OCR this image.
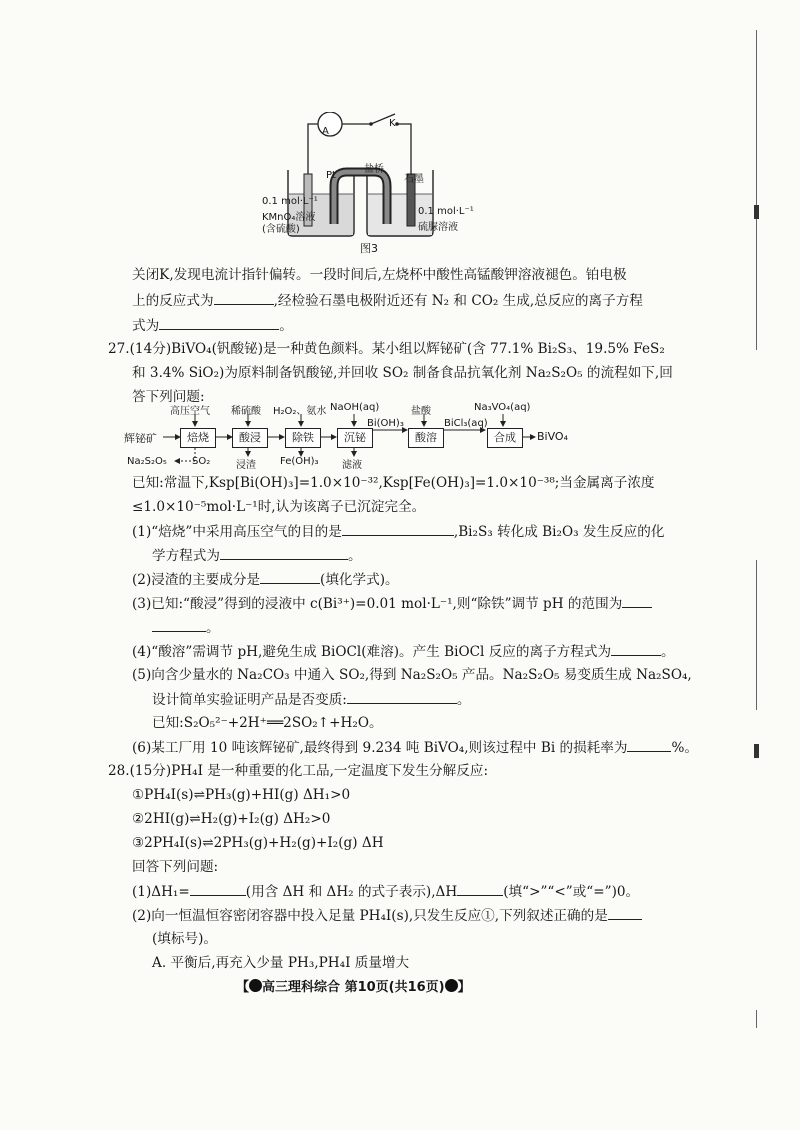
A
K
盐桥
Pt	石墨
0.1 mol·L⁻¹
KMnO₄溶液
(含硫酸)
0.1 mol·L⁻¹
硫脲溶液
图3
关闭K,发现电流计指针偏转。一段时间后,左烧杯中酸性高锰酸钾溶液褪色。铂电极
上的反应式为	,经检验石墨电极附近还有 N₂ 和 CO₂ 生成,总反应的离子方程
式为	。
27.(14分)BiVO₄(钒酸铋)是一种黄色颜料。某小组以辉铋矿(含 77.1% Bi₂S₃、19.5% FeS₂
和 3.4% SiO₂)为原料制备钒酸铋,并回收 SO₂ 制备食品抗氧化剂 Na₂S₂O₅ 的流程如下,回
答下列问题:
辉铋矿	焙烧	酸浸	除铁	沉铋	酸溶	合成
高压空气 稀硫酸 H₂O₂、氨水 NaOH(aq)	盐酸	Na₃VO₄(aq)
Bi(OH)₃	BiCl₃(aq)
BiVO₄
Na₂S₂O₅	SO₂	浸渣 Fe(OH)₃ 滤液
已知:常温下,Ksp[Bi(OH)₃]=1.0×10⁻³²,Ksp[Fe(OH)₃]=1.0×10⁻³⁸;当金属离子浓度
≤1.0×10⁻⁵mol·L⁻¹时,认为该离子已沉淀完全。
(1)“焙烧”中采用高压空气的目的是	,Bi₂S₃ 转化成 Bi₂O₃ 发生反应的化
学方程式为	。
(2)浸渣的主要成分是	(填化学式)。
(3)已知:“酸浸”得到的浸液中 c(Bi³⁺)=0.01 mol·L⁻¹,则“除铁”调节 pH 的范围为
。
(4)“酸溶”需调节 pH,避免生成 BiOCl(难溶)。产生 BiOCl 反应的离子方程式为	。
(5)向含少量水的 Na₂CO₃ 中通入 SO₂,得到 Na₂S₂O₅ 产品。Na₂S₂O₅ 易变质生成 Na₂SO₄,
设计简单实验证明产品是否变质:	。
已知:S₂O₅²⁻+2H⁺══2SO₂↑+H₂O。
(6)某工厂用 10 吨该辉铋矿,最终得到 9.234 吨 BiVO₄,则该过程中 Bi 的损耗率为	%。
28.(15分)PH₄I 是一种重要的化工品,一定温度下发生分解反应:
①PH₄I(s)⇌PH₃(g)+HI(g) ΔH₁>0
②2HI(g)⇌H₂(g)+I₂(g) ΔH₂>0
③2PH₄I(s)⇌2PH₃(g)+H₂(g)+I₂(g) ΔH
回答下列问题:
(1)ΔH₁=	(用含 ΔH 和 ΔH₂ 的式子表示),ΔH	(填“>”“<”或“=”)0。
(2)向一恒温恒容密闭容器中投入足量 PH₄I(s),只发生反应①,下列叙述正确的是
(填标号)。
A. 平衡后,再充入少量 PH₃,PH₄I 质量增大
【 高三理科综合 第10页(共16页) 】
